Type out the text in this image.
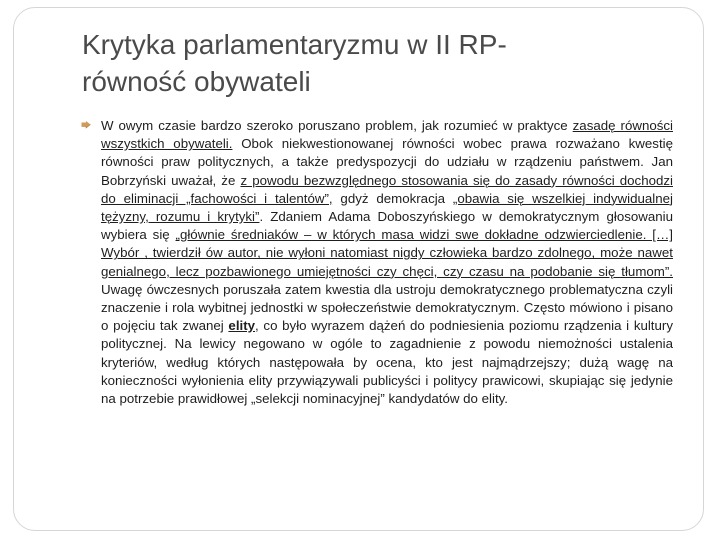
Krytyka parlamentaryzmu w II RP-
równość obywateli

W owym czasie bardzo szeroko poruszano problem, jak rozumieć w praktyce zasadę równości wszystkich obywateli. Obok niekwestionowanej równości wobec prawa rozważano kwestię równości praw politycznych, a także predyspozycji do udziału w rządzeniu państwem. Jan Bobrzyński uważał, że z powodu bezwzględnego stosowania się do zasady równości dochodzi do eliminacji „fachowości i talentów”, gdyż demokracja „obawia się wszelkiej indywidualnej tężyzny, rozumu i krytyki”. Zdaniem Adama Doboszyńskiego w demokratycznym głosowaniu wybiera się „głównie średniaków – w których masa widzi swe dokładne odzwierciedlenie. […] Wybór , twierdził ów autor, nie wyłoni natomiast nigdy człowieka bardzo zdolnego, może nawet genialnego, lecz pozbawionego umiejętności czy chęci, czy czasu na podobanie się tłumom”. Uwagę ówczesnych poruszała zatem kwestia dla ustroju demokratycznego problematyczna czyli znaczenie i rola wybitnej jednostki w społeczeństwie demokratycznym. Często mówiono i pisano o pojęciu tak zwanej elity, co było wyrazem dążeń do podniesienia poziomu rządzenia i kultury politycznej. Na lewicy negowano w ogóle to zagadnienie z powodu niemożności ustalenia kryteriów, według których następowała by ocena, kto jest najmądrzejszy; dużą wagę na konieczności wyłonienia elity przywiązywali publicyści i politycy prawicowi, skupiając się jedynie na potrzebie prawidłowej „selekcji nominacyjnej” kandydatów do elity.
